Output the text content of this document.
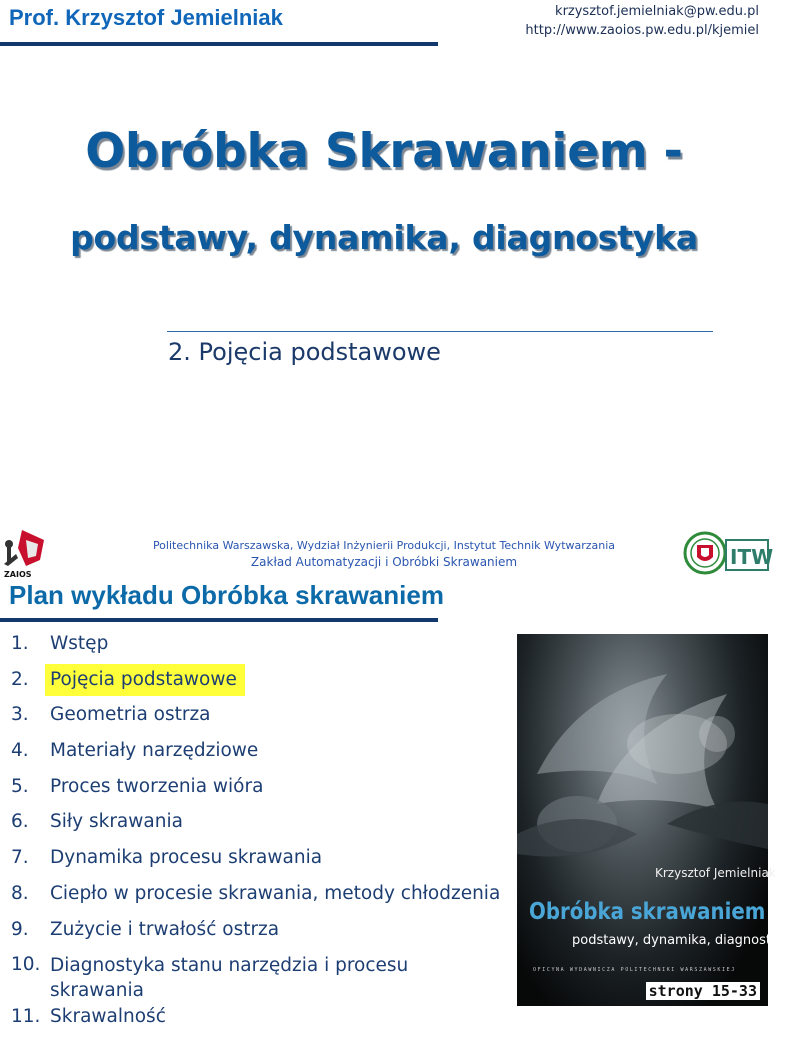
Prof. Krzysztof Jemielniak	krzysztof.jemielniak@pw.edu.pl
http://www.zaoios.pw.edu.pl/kjemiel
Obróbka Skrawaniem -
podstawy, dynamika, diagnostyka
2. Pojęcia podstawowe
ZAIOS
Politechnika Warszawska, Wydział Inżynierii Produkcji, Instytut Technik Wytwarzania
Zakład Automatyzacji i Obróbki Skrawaniem	ITW
Plan wykładu Obróbka skrawaniem
1. Wstęp
2. Pojęcia podstawowe
3. Geometria ostrza
4. Materiały narzędziowe
5. Proces tworzenia wióra
6. Siły skrawania
7. Dynamika procesu skrawania
8. Ciepło w procesie skrawania, metody chłodzenia
9. Zużycie i trwałość ostrza
10. Diagnostyka stanu narzędzia i procesu skrawania
11. Skrawalność
Krzysztof Jemielniak
Obróbka skrawaniem
podstawy, dynamika, diagnostyka
OFICYNA WYDAWNICZA POLITECHNIKI WARSZAWSKIEJ
strony 15-33
